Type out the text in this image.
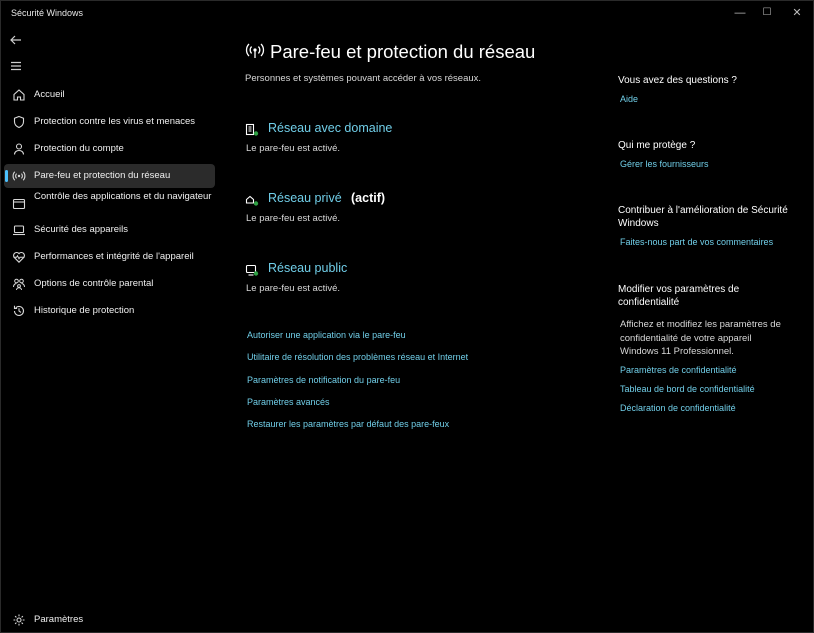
Sécurité Windows	—	☐	✕
Accueil
Protection contre les virus et menaces
Protection du compte
Pare-feu et protection du réseau
Contrôle des applications et du navigateur
Sécurité des appareils
Performances et intégrité de l'appareil
Options de contrôle parental
Historique de protection
Paramètres
Pare-feu et protection du réseau
Personnes et systèmes pouvant accéder à vos réseaux.
Réseau avec domaine
Le pare-feu est activé.
Réseau privé (actif)
Le pare-feu est activé.
Réseau public
Le pare-feu est activé.
Autoriser une application via le pare-feu
Utilitaire de résolution des problèmes réseau et Internet
Paramètres de notification du pare-feu
Paramètres avancés
Restaurer les paramètres par défaut des pare-feux
Vous avez des questions ?
Aide
Qui me protège ?
Gérer les fournisseurs
Contribuer à l'amélioration de Sécurité Windows
Faites-nous part de vos commentaires
Modifier vos paramètres de confidentialité
Affichez et modifiez les paramètres de confidentialité de votre appareil Windows 11 Professionnel.
Paramètres de confidentialité
Tableau de bord de confidentialité
Déclaration de confidentialité
